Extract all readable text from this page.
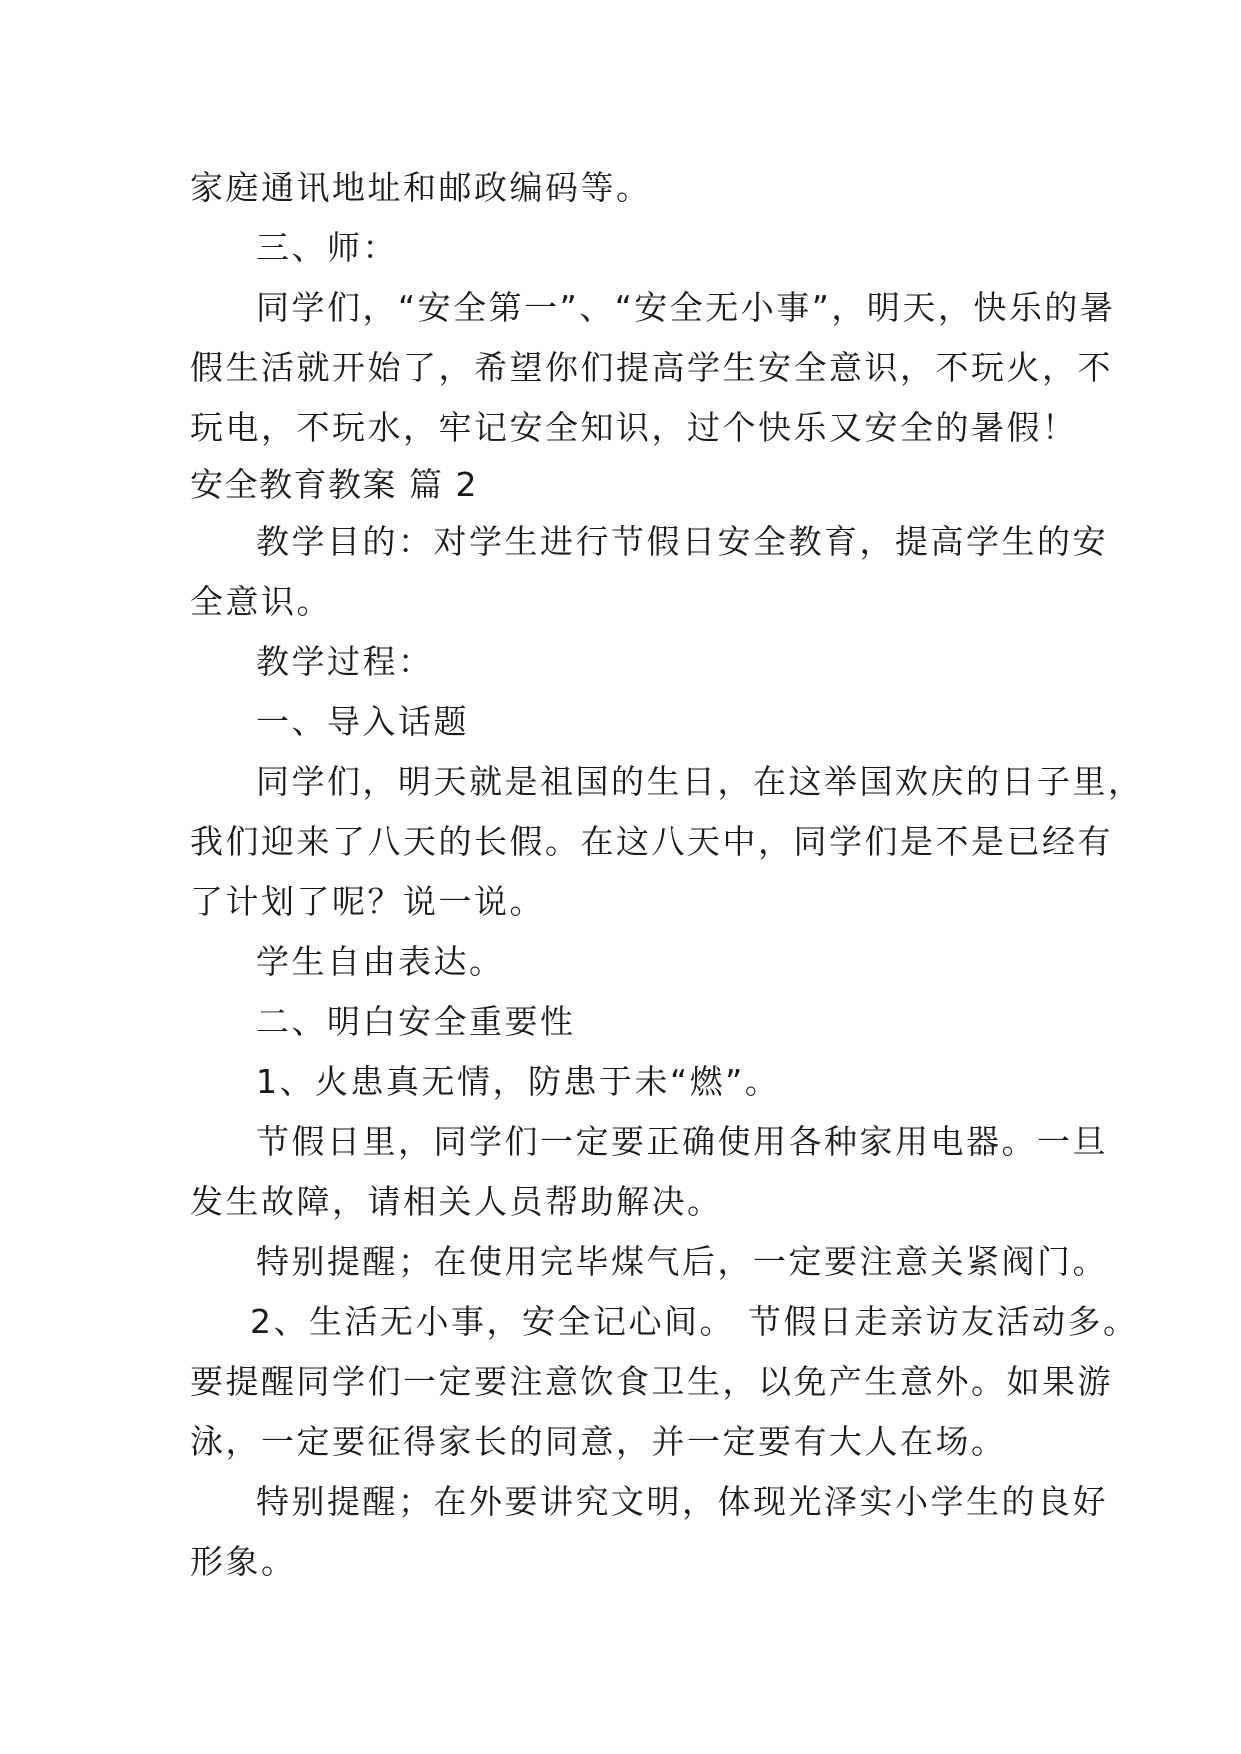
家庭通讯地址和邮政编码等。
三、师：
同学们，“安全第一”、“安全无小事”，明天，快乐的暑
假生活就开始了，希望你们提高学生安全意识，不玩火，不
玩电，不玩水，牢记安全知识，过个快乐又安全的暑假！
安全教育教案 篇 2
教学目的：对学生进行节假日安全教育，提高学生的安
全意识。
教学过程：
一、导入话题
同学们，明天就是祖国的生日，在这举国欢庆的日子里，
我们迎来了八天的长假。在这八天中，同学们是不是已经有
了计划了呢？说一说。
学生自由表达。
二、明白安全重要性
1、火患真无情，防患于未“燃”。
节假日里，同学们一定要正确使用各种家用电器。一旦
发生故障，请相关人员帮助解决。
特别提醒；在使用完毕煤气后，一定要注意关紧阀门。
2、生活无小事，安全记心间。 节假日走亲访友活动多。
要提醒同学们一定要注意饮食卫生，以免产生意外。如果游
泳，一定要征得家长的同意，并一定要有大人在场。
特别提醒；在外要讲究文明，体现光泽实小学生的良好
形象。
